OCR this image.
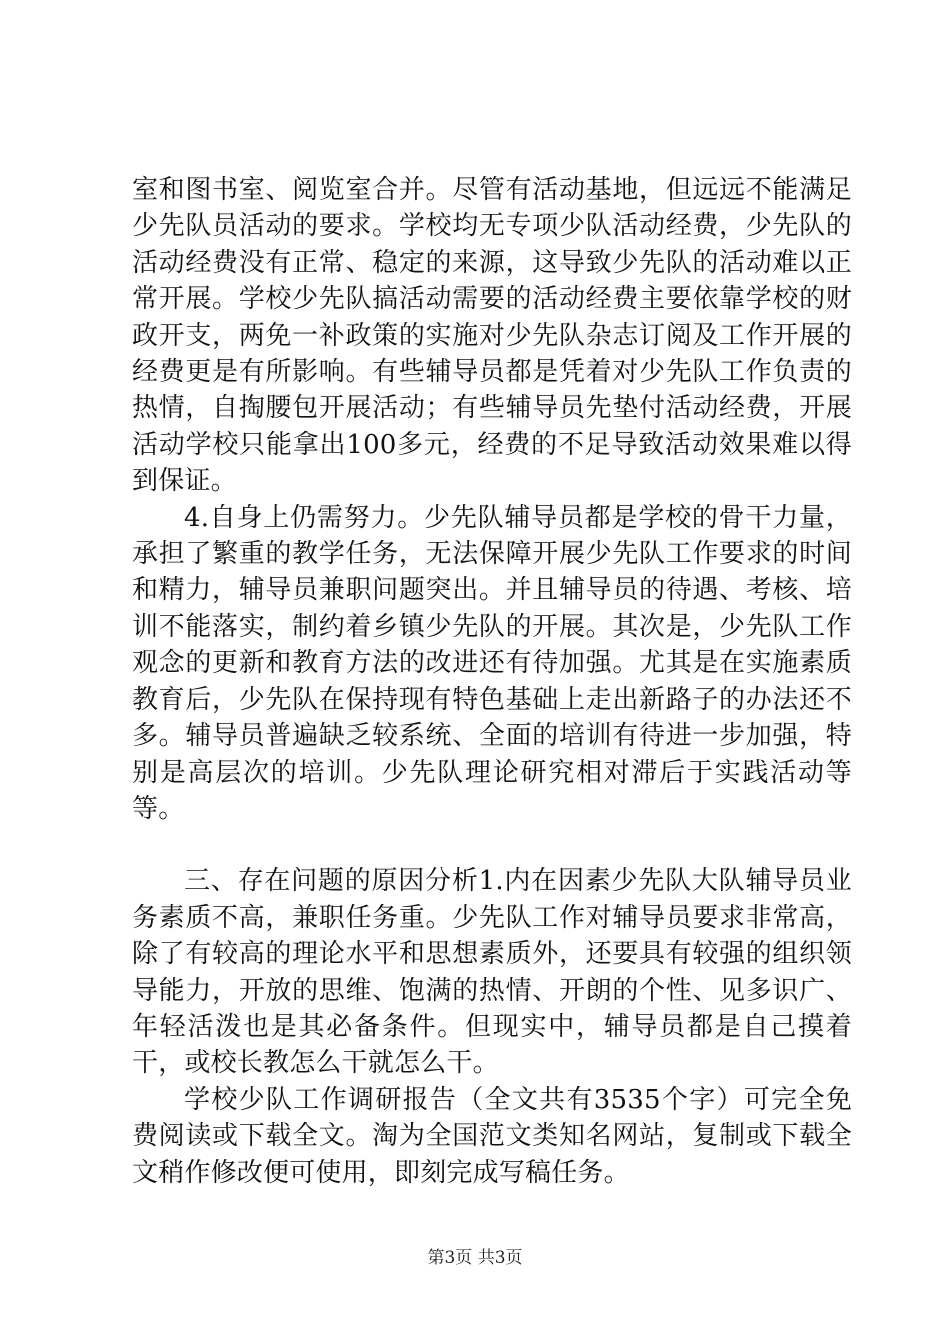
室和图书室、阅览室合并。尽管有活动基地，但远远不能满足少先队员活动的要求。学校均无专项少队活动经费，少先队的活动经费没有正常、稳定的来源，这导致少先队的活动难以正常开展。学校少先队搞活动需要的活动经费主要依靠学校的财政开支，两免一补政策的实施对少先队杂志订阅及工作开展的经费更是有所影响。有些辅导员都是凭着对少先队工作负责的热情，自掏腰包开展活动；有些辅导员先垫付活动经费，开展活动学校只能拿出100多元，经费的不足导致活动效果难以得到保证。

4.自身上仍需努力。少先队辅导员都是学校的骨干力量，承担了繁重的教学任务，无法保障开展少先队工作要求的时间和精力，辅导员兼职问题突出。并且辅导员的待遇、考核、培训不能落实，制约着乡镇少先队的开展。其次是，少先队工作观念的更新和教育方法的改进还有待加强。尤其是在实施素质教育后，少先队在保持现有特色基础上走出新路子的办法还不多。辅导员普遍缺乏较系统、全面的培训有待进一步加强，特别是高层次的培训。少先队理论研究相对滞后于实践活动等等。

三、存在问题的原因分析1.内在因素少先队大队辅导员业务素质不高，兼职任务重。少先队工作对辅导员要求非常高，除了有较高的理论水平和思想素质外，还要具有较强的组织领导能力，开放的思维、饱满的热情、开朗的个性、见多识广、年轻活泼也是其必备条件。但现实中，辅导员都是自己摸着干，或校长教怎么干就怎么干。

学校少队工作调研报告（全文共有3535个字）可完全免费阅读或下载全文。淘为全国范文类知名网站，复制或下载全文稍作修改便可使用，即刻完成写稿任务。

第3页 共3页
